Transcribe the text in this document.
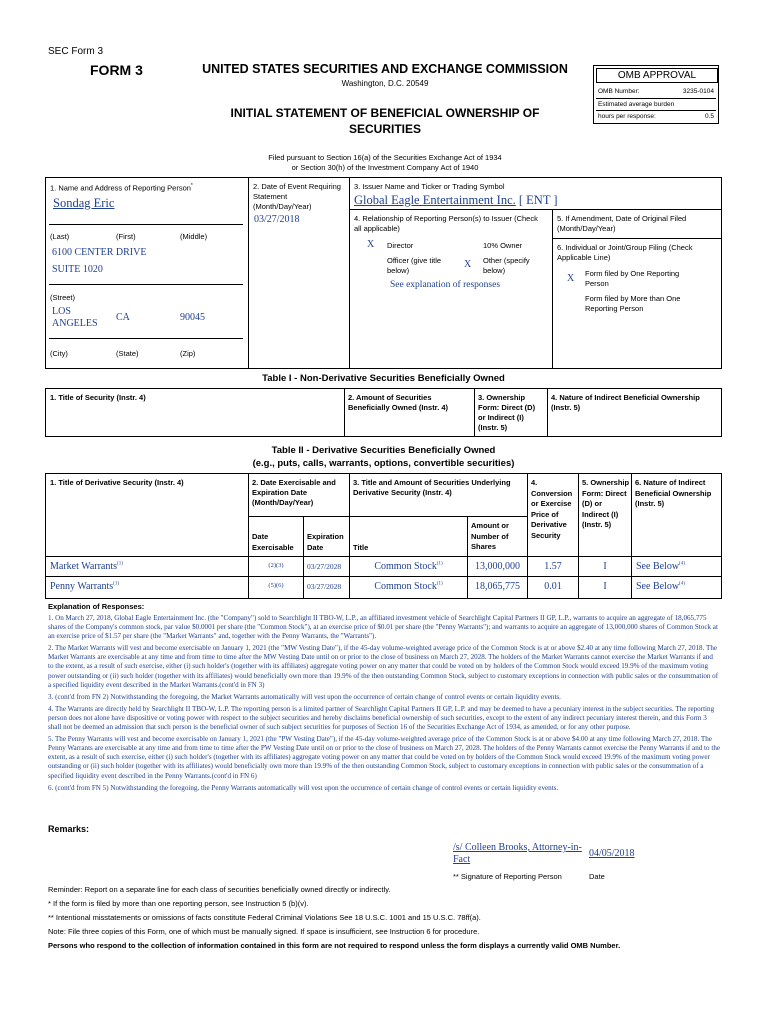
SEC Form 3
FORM 3	UNITED STATES SECURITIES AND EXCHANGE COMMISSION
Washington, D.C. 20549
INITIAL STATEMENT OF BENEFICIAL OWNERSHIP OF SECURITIES
OMB APPROVAL
OMB Number:	3235-0104
Estimated average burden
hours per response:	0.5
Filed pursuant to Section 16(a) of the Securities Exchange Act of 1934
or Section 30(h) of the Investment Company Act of 1940
1. Name and Address of Reporting Person*
Sondag Eric
(Last)	(First)	(Middle)
6100 CENTER DRIVE
SUITE 1020
(Street)
LOS ANGELES
CA	90045
(City)	(State)	(Zip)
2. Date of Event Requiring Statement (Month/Day/Year)
03/27/2018
3. Issuer Name and Ticker or Trading Symbol
Global Eagle Entertainment Inc. [ ENT ]
4. Relationship of Reporting Person(s) to Issuer (Check all applicable)
X Director	10% Owner
Officer (give title below)
X Other (specify below)
See explanation of responses
5. If Amendment, Date of Original Filed (Month/Day/Year)
6. Individual or Joint/Group Filing (Check Applicable Line)
X Form filed by One Reporting Person
Form filed by More than One Reporting Person
Table I - Non-Derivative Securities Beneficially Owned
1. Title of Security (Instr. 4)	2. Amount of Securities Beneficially Owned (Instr. 4)
3. Ownership Form: Direct (D) or Indirect (I) (Instr. 5)
4. Nature of Indirect Beneficial Ownership (Instr. 5)
Table II - Derivative Securities Beneficially Owned
(e.g., puts, calls, warrants, options, convertible securities)
1. Title of Derivative Security (Instr. 4)	2. Date Exercisable and Expiration Date (Month/Day/Year)
3. Title and Amount of Securities Underlying Derivative Security (Instr. 4)
4. Conversion or Exercise Price of Derivative Security
5. Ownership Form: Direct (D) or Indirect (I) (Instr. 5)
6. Nature of Indirect Beneficial Ownership (Instr. 5)
Date Exercisable
Expiration Date	Title
Amount or Number of Shares
Market Warrants$^{(1)}$	(2)(3)	03/27/2028	Common Stock$^{(1)}$	13,000,000	1.57	I	See Below$^{(4)}$
Penny Warrants$^{(1)}$	(5)(6)	03/27/2028	Common Stock$^{(1)}$	18,065,775	0.01	I	See Below$^{(4)}$
Explanation of Responses:

1. On March 27, 2018, Global Eagle Entertainment Inc. (the "Company") sold to Searchlight II TBO-W, L.P., an affiliated investment vehicle of Searchlight Capital Partners II GP, L.P., warrants to acquire an aggregate of 18,065,775 shares of the Company's common stock, par value $0.0001 per share (the "Common Stock"), at an exercise price of $0.01 per share (the "Penny Warrants"); and warrants to acquire an aggregate of 13,000,000 shares of Common Stock at an exercise price of $1.57 per share (the "Market Warrants" and, together with the Penny Warrants, the "Warrants").

2. The Market Warrants will vest and become exercisable on January 1, 2021 (the "MW Vesting Date"), if the 45-day volume-weighted average price of the Common Stock is at or above $2.40 at any time following March 27, 2018. The Market Warrants are exercisable at any time and from time to time after the MW Vesting Date until on or prior to the close of business on March 27, 2028. The holders of the Market Warrants cannot exercise the Market Warrants if and to the extent, as a result of such exercise, either (i) such holder's (together with its affiliates) aggregate voting power on any matter that could be voted on by holders of the Common Stock would exceed 19.9% of the maximum voting power outstanding or (ii) such holder (together with its affiliates) would beneficially own more than 19.9% of the then outstanding Common Stock, subject to customary exceptions in connection with public sales or the consummation of a specified liquidity event described in the Market Warrants.(cont'd in FN 3)

3. (cont'd from FN 2) Notwithstanding the foregoing, the Market Warrants automatically will vest upon the occurrence of certain change of control events or certain liquidity events.

4. The Warrants are directly held by Searchlight II TBO-W, L.P. The reporting person is a limited partner of Searchlight Capital Partners II GP, L.P. and may be deemed to have a pecuniary interest in the subject securities. The reporting person does not alone have dispositive or voting power with respect to the subject securities and hereby disclaims beneficial ownership of such securities, except to the extent of any indirect pecuniary interest therein, and this Form 3 shall not be deemed an admission that such person is the beneficial owner of such subject securities for purposes of Section 16 of the Securities Exchange Act of 1934, as amended, or for any other purpose.

5. The Penny Warrants will vest and become exercisable on January 1, 2021 (the "PW Vesting Date"), if the 45-day volume-weighted average price of the Common Stock is at or above $4.00 at any time following March 27, 2018. The Penny Warrants are exercisable at any time and from time to time after the PW Vesting Date until on or prior to the close of business on March 27, 2028. The holders of the Penny Warrants cannot exercise the Penny Warrants if and to the extent, as a result of such exercise, either (i) such holder's (together with its affiliates) aggregate voting power on any matter that could be voted on by holders of the Common Stock would exceed 19.9% of the maximum voting power outstanding or (ii) such holder (together with its affiliates) would beneficially own more than 19.9% of the then outstanding Common Stock, subject to customary exceptions in connection with public sales or the consummation of a specified liquidity event described in the Penny Warrants.(cont'd in FN 6)

6. (cont'd from FN 5) Notwithstanding the foregoing, the Penny Warrants automatically will vest upon the occurrence of certain change of control events or certain liquidity events.

Remarks:
/s/ Colleen Brooks, Attorney-in-Fact
04/05/2018
** Signature of Reporting Person	Date
Reminder: Report on a separate line for each class of securities beneficially owned directly or indirectly.
* If the form is filed by more than one reporting person, see Instruction 5 (b)(v).
** Intentional misstatements or omissions of facts constitute Federal Criminal Violations See 18 U.S.C. 1001 and 15 U.S.C. 78ff(a).
Note: File three copies of this Form, one of which must be manually signed. If space is insufficient, see Instruction 6 for procedure.
Persons who respond to the collection of information contained in this form are not required to respond unless the form displays a currently valid OMB Number.
